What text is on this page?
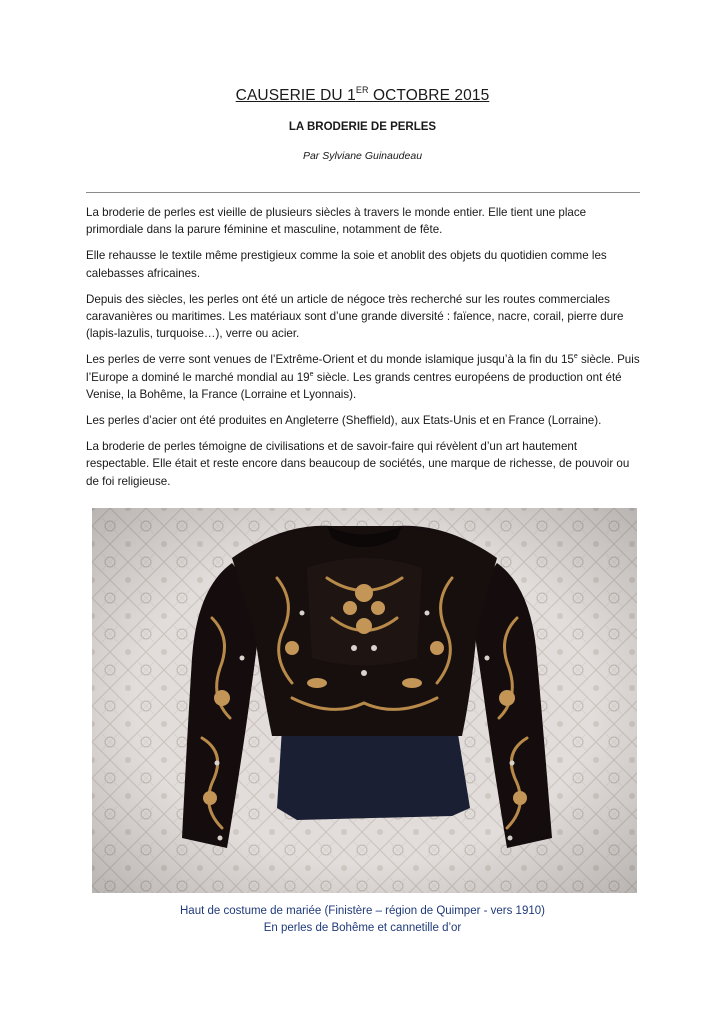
CAUSERIE DU 1ER OCTOBRE 2015
LA BRODERIE DE PERLES
Par Sylviane Guinaudeau

La broderie de perles est vieille de plusieurs siècles à travers le monde entier. Elle tient une place primordiale dans la parure féminine et masculine, notamment de fête.

Elle rehausse le textile même prestigieux comme la soie et anoblit des objets du quotidien comme les calebasses africaines.

Depuis des siècles, les perles ont été un article de négoce très recherché sur les routes commerciales caravanières ou maritimes. Les matériaux sont d’une grande diversité : faïence, nacre, corail, pierre dure (lapis-lazulis, turquoise…), verre ou acier.

Les perles de verre sont venues de l’Extrême-Orient et du monde islamique jusqu’à la fin du 15e siècle. Puis l’Europe a dominé le marché mondial au 19e siècle. Les grands centres européens de production ont été Venise, la Bohême, la France (Lorraine et Lyonnais).

Les perles d’acier ont été produites en Angleterre (Sheffield), aux Etats-Unis et en France (Lorraine).

La broderie de perles témoigne de civilisations et de savoir-faire qui révèlent d’un art hautement respectable. Elle était et reste encore dans beaucoup de sociétés, une marque de richesse, de pouvoir ou de foi religieuse.

Haut de costume de mariée (Finistère – région de Quimper - vers 1910)
En perles de Bohême et cannetille d’or
